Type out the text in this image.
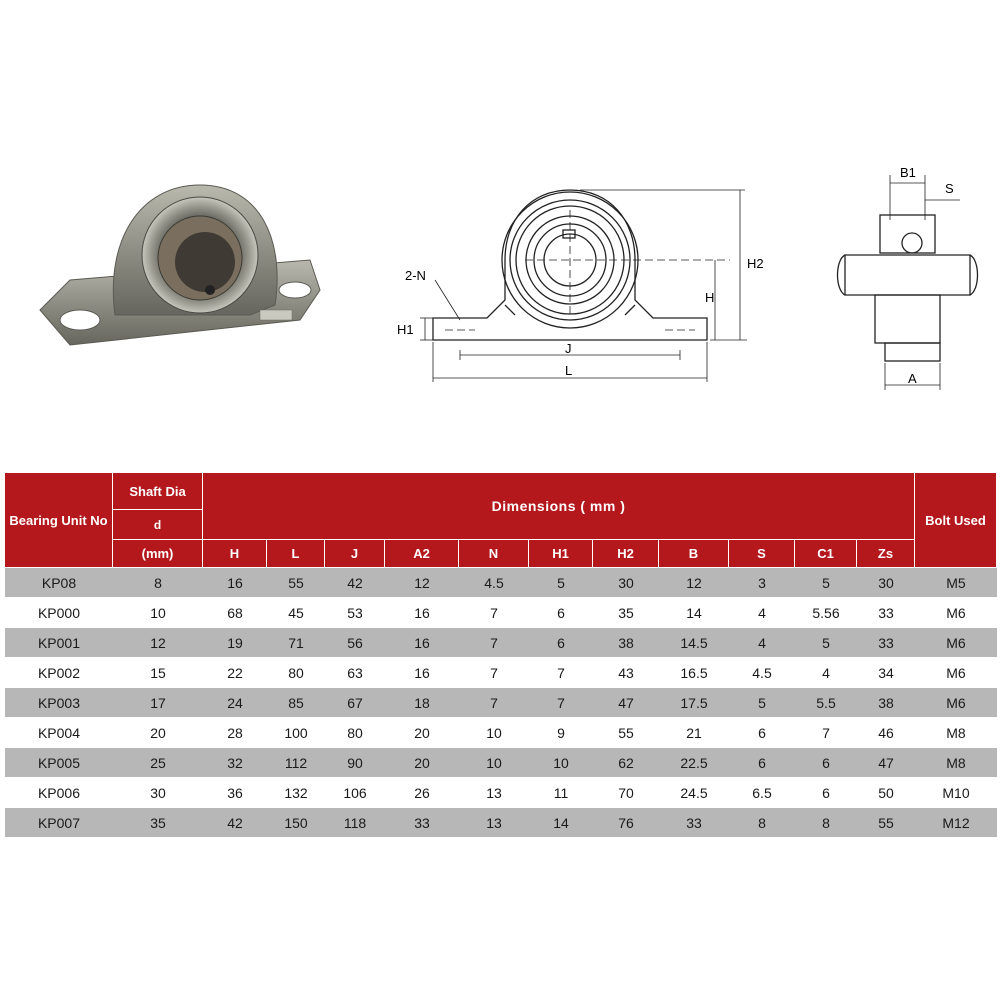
2-N
H1
H
H2
J
L
B1
S
A
Bearing Unit No	Shaft Dia	Dimensions ( mm )											Bolt Used
	d												
	(mm)	H	L	J	A2	N	H1	H2	B	S	C1	Zs	
KP08	8	16	55	42	12	4.5	5	30	12	3	5	30	M5
KP000	10	68	45	53	16	7	6	35	14	4	5.56	33	M6
KP001	12	19	71	56	16	7	6	38	14.5	4	5	33	M6
KP002	15	22	80	63	16	7	7	43	16.5	4.5	4	34	M6
KP003	17	24	85	67	18	7	7	47	17.5	5	5.5	38	M6
KP004	20	28	100	80	20	10	9	55	21	6	7	46	M8
KP005	25	32	112	90	20	10	10	62	22.5	6	6	47	M8
KP006	30	36	132	106	26	13	11	70	24.5	6.5	6	50	M10
KP007	35	42	150	118	33	13	14	76	33	8	8	55	M12
